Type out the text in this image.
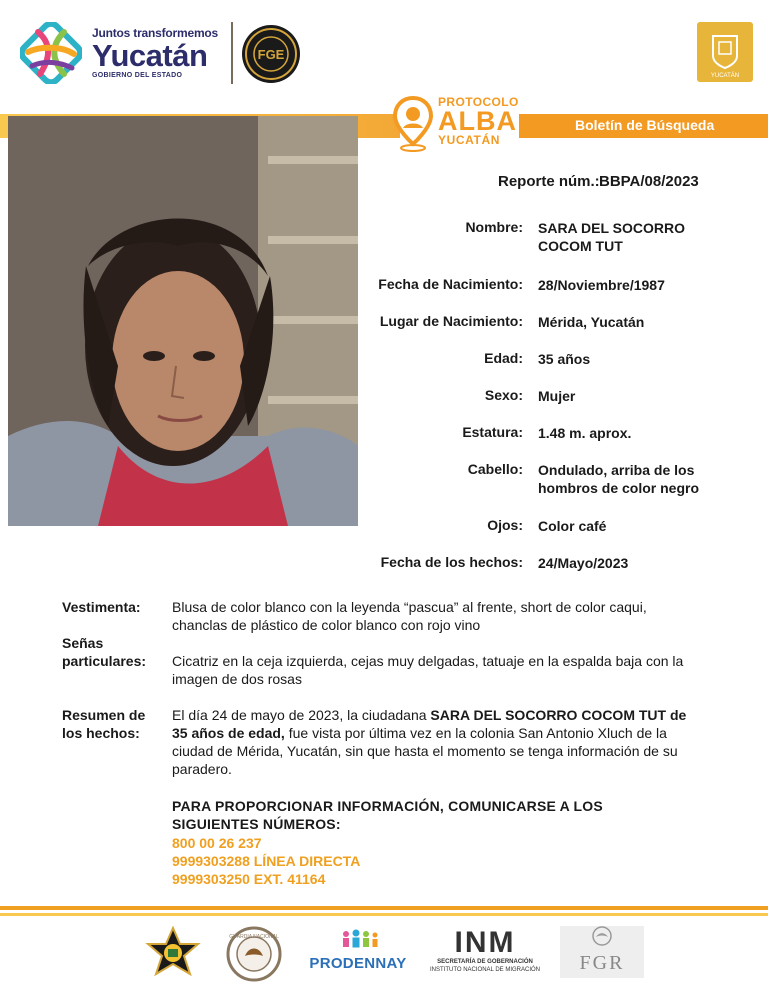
Juntos transformemos
Yucatán
GOBIERNO DEL ESTADO
FGE
YUCATÁN
PROTOCOLO
ALBA
YUCATÁN
Boletín de Búsqueda
Reporte núm.: BBPA/08/2023
Nombre: SARA DEL SOCORRO COCOM TUT
Fecha de Nacimiento: 28/Noviembre/1987
Lugar de Nacimiento: Mérida, Yucatán
Edad: 35 años
Sexo: Mujer
Estatura: 1.48 m. aprox.
Cabello: Ondulado, arriba de los hombros de color negro
Ojos: Color café
Fecha de los hechos: 24/Mayo/2023
Vestimenta: Blusa de color blanco con la leyenda “pascua” al frente, short de color caqui, chanclas de plástico de color blanco con rojo vino
Señas
particulares: Cicatriz en la ceja izquierda, cejas muy delgadas, tatuaje en la espalda baja con la imagen de dos rosas
Resumen de
los hechos:
El día 24 de mayo de 2023, la ciudadana SARA DEL SOCORRO COCOM TUT de 35 años de edad, fue vista por última vez en la colonia San Antonio Xluch de la ciudad de Mérida, Yucatán, sin que hasta el momento se tenga información de su paradero.
PARA PROPORCIONAR INFORMACIÓN, COMUNICARSE A LOS SIGUIENTES NÚMEROS:
800 00 26 237
9999303288 LÍNEA DIRECTA
9999303250 EXT. 41164
GUARDIA NACIONAL
PRODENNAY
INM
SECRETARÍA DE GOBERNACIÓN
INSTITUTO NACIONAL DE MIGRACIÓN	FGR
